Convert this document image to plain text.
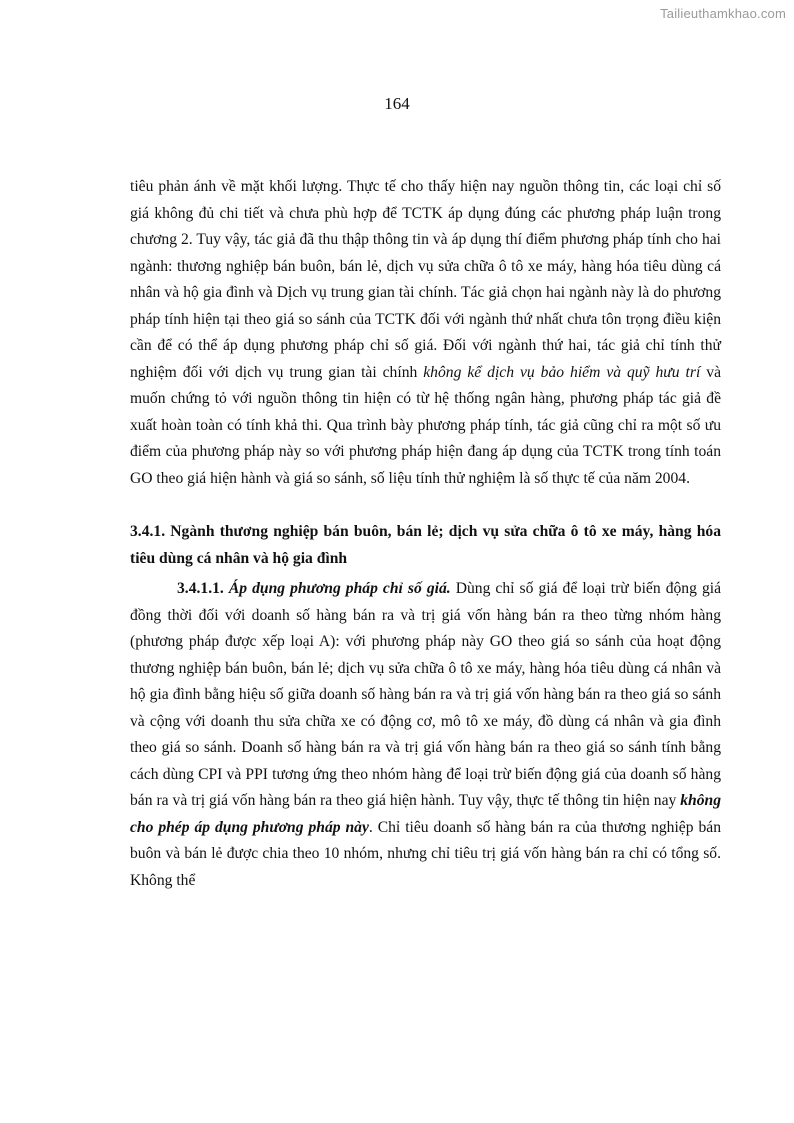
Tailieuthamkhao.com
164

tiêu phản ánh về mặt khối lượng. Thực tế cho thấy hiện nay nguồn thông tin, các loại chỉ số giá không đủ chi tiết và chưa phù hợp để TCTK áp dụng đúng các phương pháp luận trong chương 2. Tuy vậy, tác giả đã thu thập thông tin và áp dụng thí điểm phương pháp tính cho hai ngành: thương nghiệp bán buôn, bán lẻ, dịch vụ sửa chữa ô tô xe máy, hàng hóa tiêu dùng cá nhân và hộ gia đình và Dịch vụ trung gian tài chính. Tác giả chọn hai ngành này là do phương pháp tính hiện tại theo giá so sánh của TCTK đối với ngành thứ nhất chưa tôn trọng điều kiện cần để có thể áp dụng phương pháp chỉ số giá. Đối với ngành thứ hai, tác giả chỉ tính thử nghiệm đối với dịch vụ trung gian tài chính không kể dịch vụ bảo hiểm và quỹ hưu trí và muốn chứng tỏ với nguồn thông tin hiện có từ hệ thống ngân hàng, phương pháp tác giả đề xuất hoàn toàn có tính khả thi. Qua trình bày phương pháp tính, tác giả cũng chỉ ra một số ưu điểm của phương pháp này so với phương pháp hiện đang áp dụng của TCTK trong tính toán GO theo giá hiện hành và giá so sánh, số liệu tính thử nghiệm là số thực tế của năm 2004.

3.4.1. Ngành thương nghiệp bán buôn, bán lẻ; dịch vụ sửa chữa ô tô xe máy, hàng hóa tiêu dùng cá nhân và hộ gia đình

3.4.1.1. Áp dụng phương pháp chỉ số giá. Dùng chỉ số giá để loại trừ biến động giá đồng thời đối với doanh số hàng bán ra và trị giá vốn hàng bán ra theo từng nhóm hàng (phương pháp được xếp loại A): với phương pháp này GO theo giá so sánh của hoạt động thương nghiệp bán buôn, bán lẻ; dịch vụ sửa chữa ô tô xe máy, hàng hóa tiêu dùng cá nhân và hộ gia đình bằng hiệu số giữa doanh số hàng bán ra và trị giá vốn hàng bán ra theo giá so sánh và cộng với doanh thu sửa chữa xe có động cơ, mô tô xe máy, đồ dùng cá nhân và gia đình theo giá so sánh. Doanh số hàng bán ra và trị giá vốn hàng bán ra theo giá so sánh tính bằng cách dùng CPI và PPI tương ứng theo nhóm hàng để loại trừ biến động giá của doanh số hàng bán ra và trị giá vốn hàng bán ra theo giá hiện hành. Tuy vậy, thực tế thông tin hiện nay không cho phép áp dụng phương pháp này. Chỉ tiêu doanh số hàng bán ra của thương nghiệp bán buôn và bán lẻ được chia theo 10 nhóm, nhưng chỉ tiêu trị giá vốn hàng bán ra chỉ có tổng số. Không thể
